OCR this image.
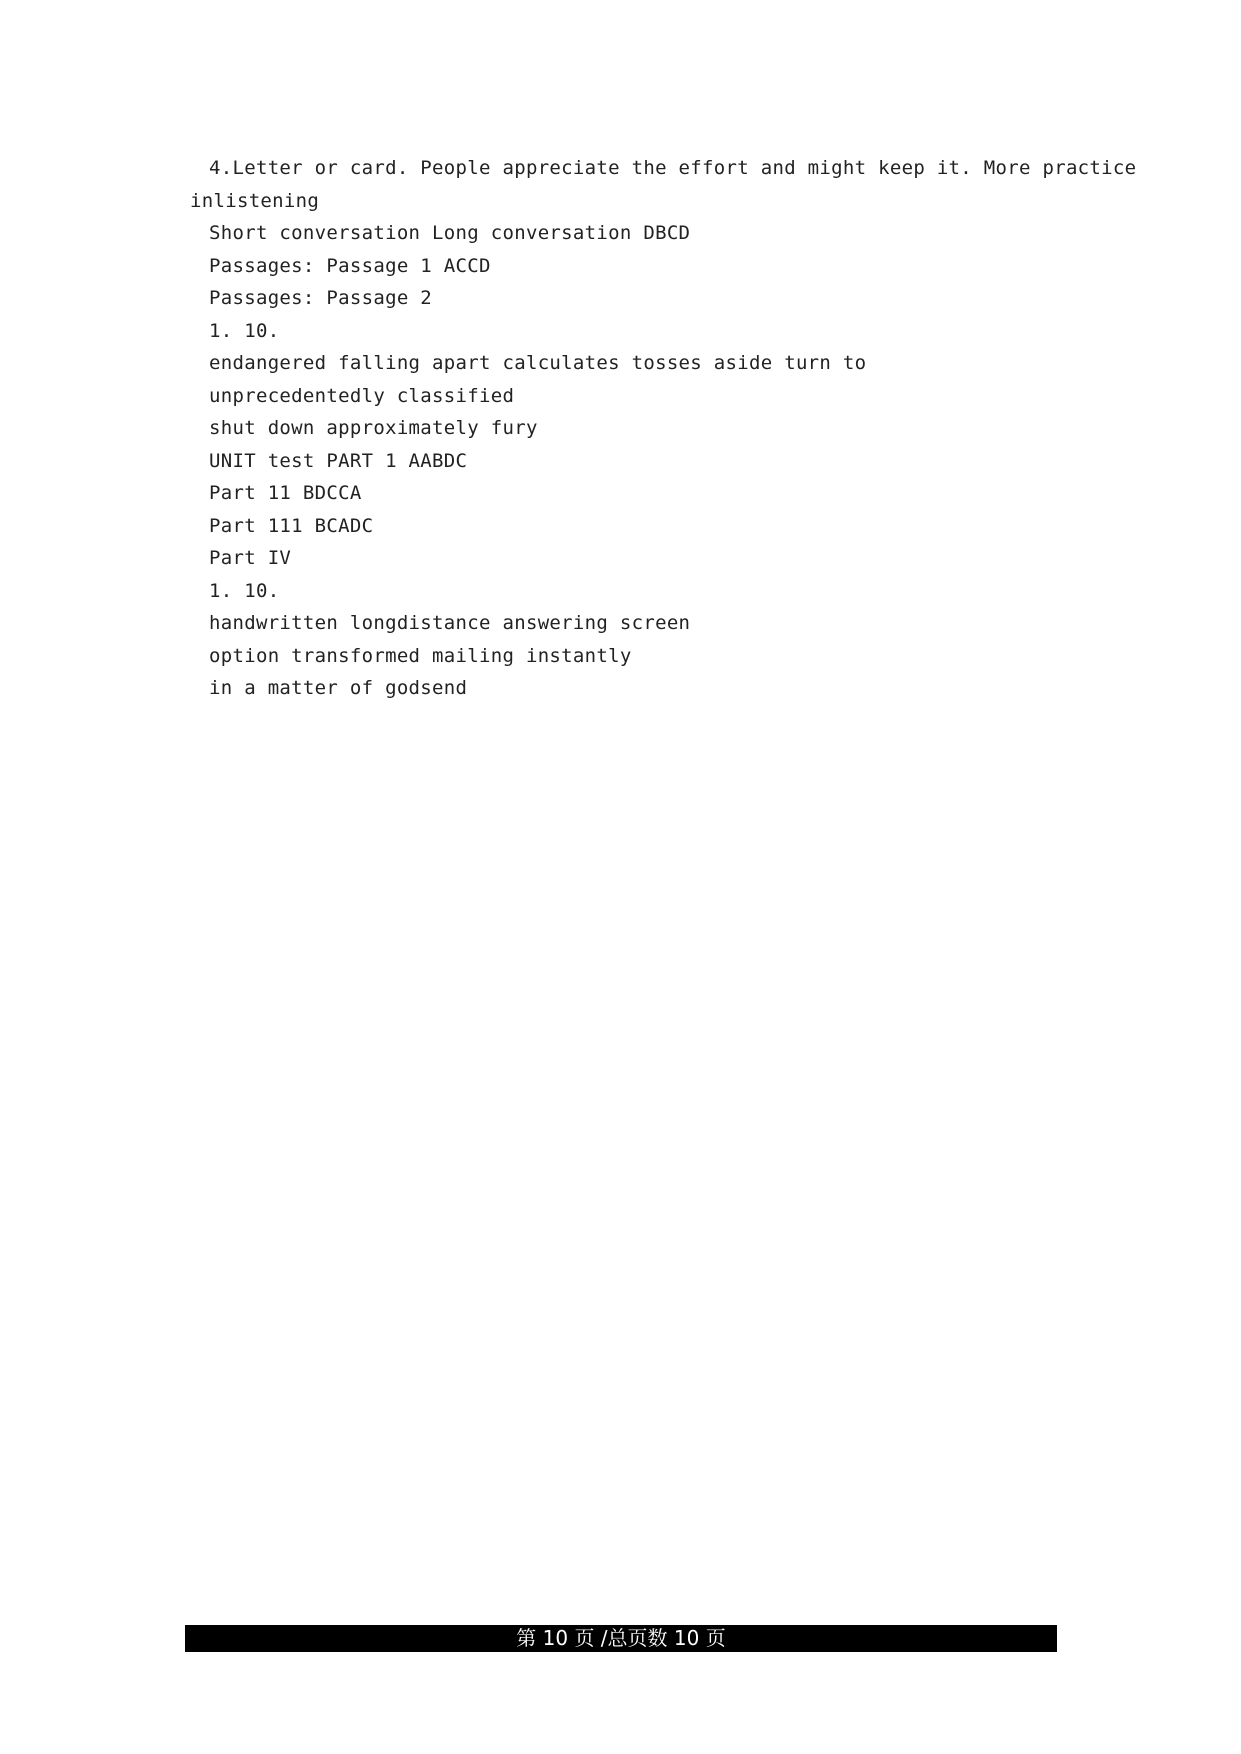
4.Letter or card. People appreciate the effort and might keep it. More practice
inlistening
Short conversation Long conversation DBCD
Passages: Passage 1 ACCD
Passages: Passage 2
1. 10.
endangered falling apart calculates tosses aside turn to
unprecedentedly classified
shut down approximately fury
UNIT test PART 1 AABDC
Part 11 BDCCA
Part 111 BCADC
Part IV
1. 10.
handwritten longdistance answering screen
option transformed mailing instantly
in a matter of godsend
第 10 页 /总页数 10 页
